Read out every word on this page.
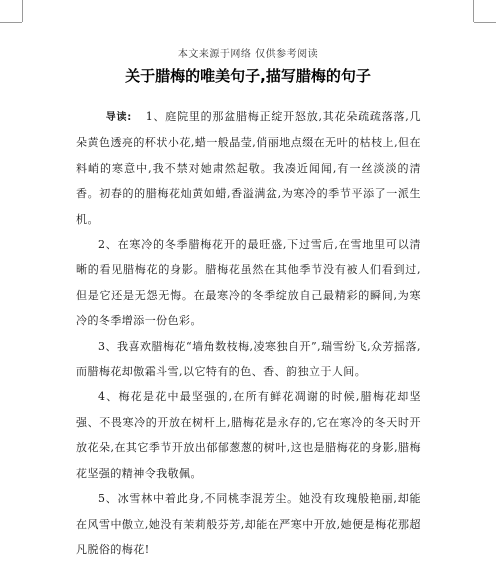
本文来源于网络 仅供参考阅读
关于腊梅的唯美句子,描写腊梅的句子

导读: 1、庭院里的那盆腊梅正绽开怒放,其花朵疏疏落落,几朵黄色透亮的杯状小花,蜡一般晶莹,俏丽地点缀在无叶的枯枝上,但在料峭的寒意中,我不禁对她肃然起敬。我凑近闻闻,有一丝淡淡的清香。初春的的腊梅花灿黄如蜡,香溢满盆,为寒冷的季节平添了一派生机。

2、在寒冷的冬季腊梅花开的最旺盛,下过雪后,在雪地里可以清晰的看见腊梅花的身影。腊梅花虽然在其他季节没有被人们看到过,但是它还是无怨无悔。在最寒冷的冬季绽放自己最精彩的瞬间,为寒冷的冬季增添一份色彩。

3、我喜欢腊梅花“墙角数枝梅,凌寒独自开”,瑞雪纷飞,众芳摇落,而腊梅花却傲霜斗雪,以它特有的色、香、韵独立于人间。

4、梅花是花中最坚强的,在所有鲜花凋谢的时候,腊梅花却坚强、不畏寒冷的开放在树杆上,腊梅花是永存的,它在寒冷的冬天时开放花朵,在其它季节开放出郁郁葱葱的树叶,这也是腊梅花的身影,腊梅花坚强的精神令我敬佩。

5、冰雪林中着此身,不同桃李混芳尘。她没有玫瑰般艳丽,却能在风雪中傲立,她没有茉莉般芬芳,却能在严寒中开放,她便是梅花那超凡脱俗的梅花!
